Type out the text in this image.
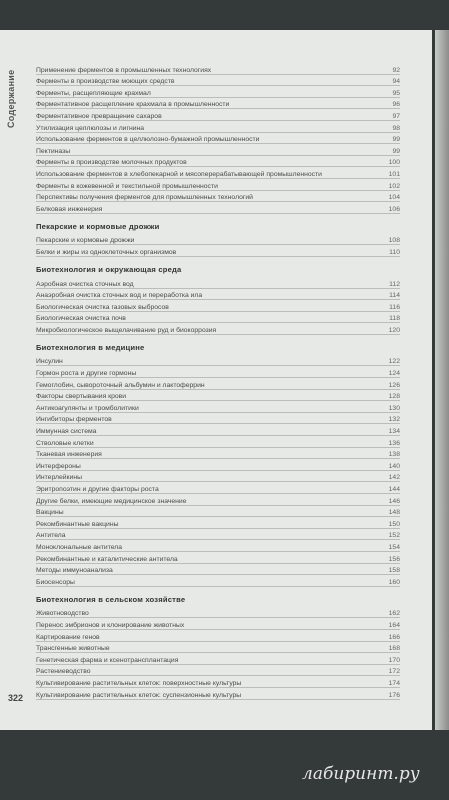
Содержание	Применение ферментов в промышленных технологиях	92
Ферменты в производстве моющих средств	94
Ферменты, расщепляющие крахмал	95
Ферментативное расщепление крахмала в промышленности	96
Ферментативное превращение сахаров	97
Утилизация целлюлозы и лигнина	98
Использование ферментов в целлюлозно-бумажной промышленности	99
Пектиназы	99
Ферменты в производстве молочных продуктов	100
Использование ферментов в хлебопекарной и мясоперерабатывающей промышленности	101
Ферменты в кожевенной и текстильной промышленности	102
Перспективы получения ферментов для промышленных технологий	104
Белковая инженерия	106
Пекарские и кормовые дрожжи
Пекарские и кормовые дрожжи	108
Белки и жиры из одноклеточных организмов	110
Биотехнология и окружающая среда
Аэробная очистка сточных вод	112
Анаэробная очистка сточных вод и переработка ила	114
Биологическая очистка газовых выбросов	116
Биологическая очистка почв	118
Микробиологическое выщелачивание руд и биокоррозия	120
Биотехнология в медицине
Инсулин	122
Гормон роста и другие гормоны	124
Гемоглобин, сывороточный альбумин и лактоферрин	126
Факторы свертывания крови	128
Антикоагулянты и тромболитики	130
Ингибиторы ферментов	132
Иммунная система	134
Стволовые клетки	136
Тканевая инженерия	138
Интерфероны	140
Интерлейкины	142
Эритропоэтин и другие факторы роста	144
Другие белки, имеющие медицинское значение	146
Вакцины	148
Рекомбинантные вакцины	150
Антитела	152
Моноклональные антитела	154
Рекомбинантные и каталитические антитела	156
Методы иммуноанализа	158
Биосенсоры	160
Биотехнология в сельском хозяйстве
Животноводство	162
Перенос эмбрионов и клонирование животных	164
Картирование генов	166
Трансгенные животные	168
Генетическая фарма и ксенотрансплантация	170
Растениеводство	172
Культивирование растительных клеток: поверхностные культуры	174
Культивирование растительных клеток: суспензионные культуры	176
322
лабиринт.ру
